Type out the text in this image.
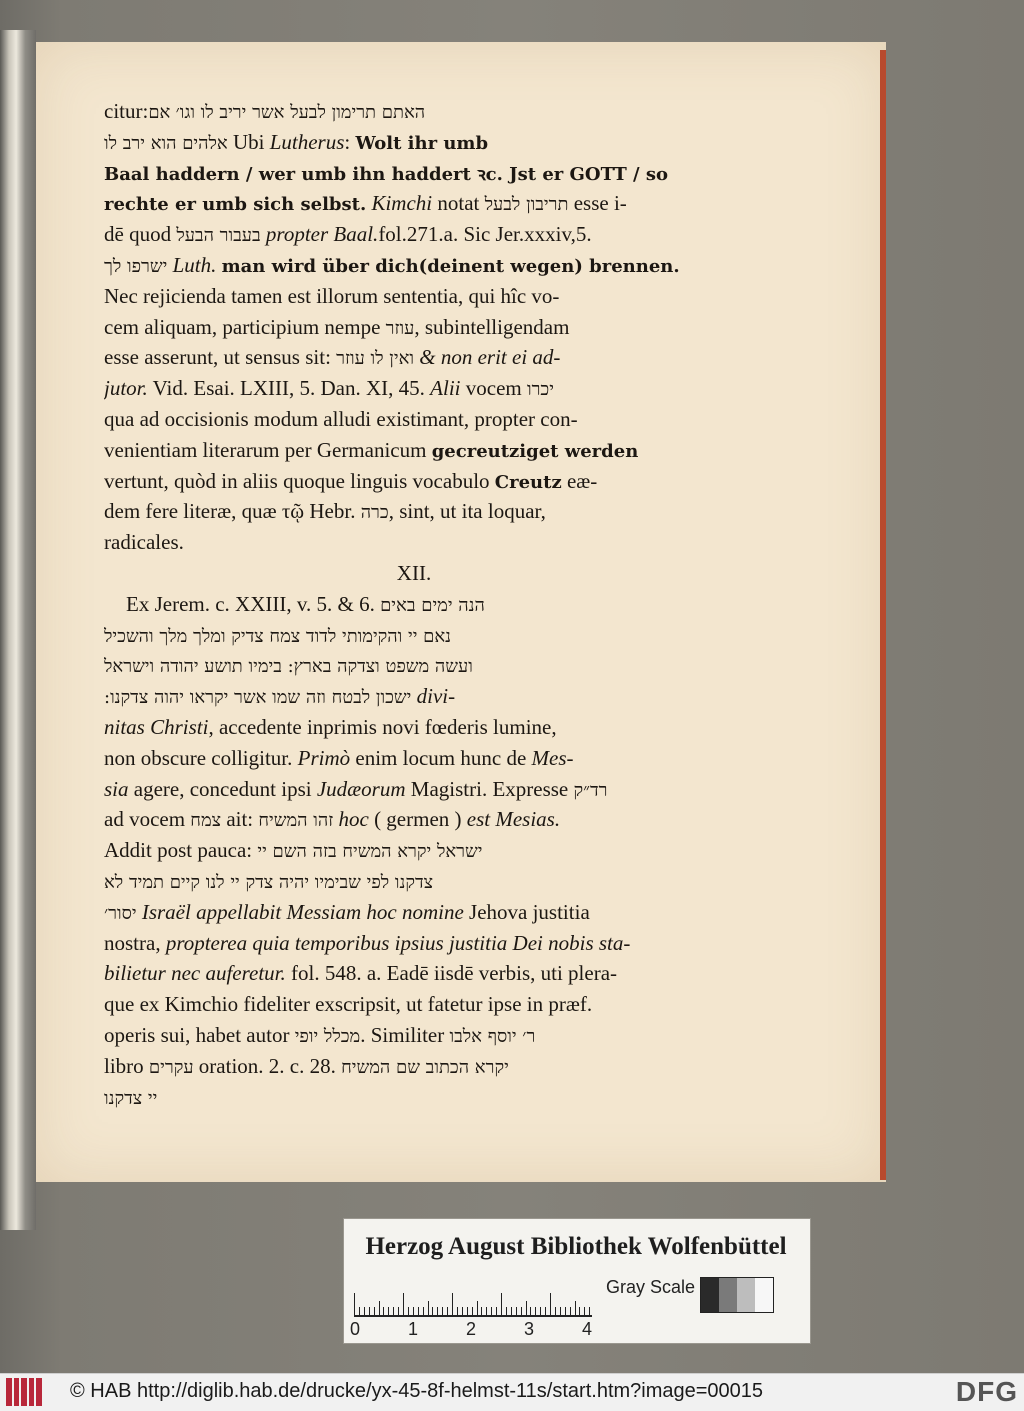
citur:אם האתם תרימון לבעל אשר יריב לו וגו׳
אלהים הוא ירב לו Ubi Lutherus: Wolt ihr umb
Baal haddern / wer umb ihn haddert ꝛc. Jst er GOTT / so
rechte er umb sich selbst. Kimchi notat תריבון לבעל esse i-
dē quod בעבור הבעל propter Baal.fol.271.a. Sic Jer.xxxiv,5.
ישרפו לך Luth. man wird über dich(deinent wegen) brennen.
Nec rejicienda tamen est illorum sententia, qui hîc vo-
cem aliquam, participium nempe עוזר, subintelligendam
esse asserunt, ut sensus sit: ואין לו עוזר & non erit ei ad-
jutor. Vid. Esai. LXIII, 5. Dan. XI, 45. Alii vocem יכרו
qua ad occisionis modum alludi existimant, propter con-
venientiam literarum per Germanicum gecreutziget werden
vertunt, quòd in aliis quoque linguis vocabulo Creutz eæ-
dem fere literæ, quæ τῷ Hebr. כרה, sint, ut ita loquar,
radicales.
XII.
Ex Jerem. c. XXIII, v. 5. & 6. הנה ימים באים
נאם יי והקימותי לדוד צמח צדיק ומלך מלך והשכיל
ועשה משפט וצדקה בארץ: בימיו תושע יהודה וישראל
ישכון לבטח וזה שמו אשר יקראו יהוה צדקנו: divi-
nitas Christi, accedente inprimis novi fœderis lumine,
non obscure colligitur. Primò enim locum hunc de Mes-
sia agere, concedunt ipsi Judæorum Magistri. Expresse רד״ק
ad vocem צמח ait: זהו המשיח hoc ( germen ) est Mesias.
Addit post pauca: ישראל יקרא המשיח בזה השם יי
צדקנו לפי שבימיו יהיה צדק יי לנו קיים תמיד לא
יסור׳ Israël appellabit Messiam hoc nomine Jehova justitia
nostra, propterea quia temporibus ipsius justitia Dei nobis sta-
bilietur nec auferetur. fol. 548. a. Eadē iisdē verbis, uti plera-
que ex Kimchio fideliter exscripsit, ut fatetur ipse in præf.
operis sui, habet autor מכלל יופי. Similiter ר׳ יוסף אלבו
libro עקרים oration. 2. c. 28. יקרא הכתוב שם המשיח
יי צדקנו
Herzog August Bibliothek Wolfenbüttel
Gray Scale
0	1	2	3	4
© HAB http://diglib.hab.de/drucke/yx-45-8f-helmst-11s/start.htm?image=00015	DFG
